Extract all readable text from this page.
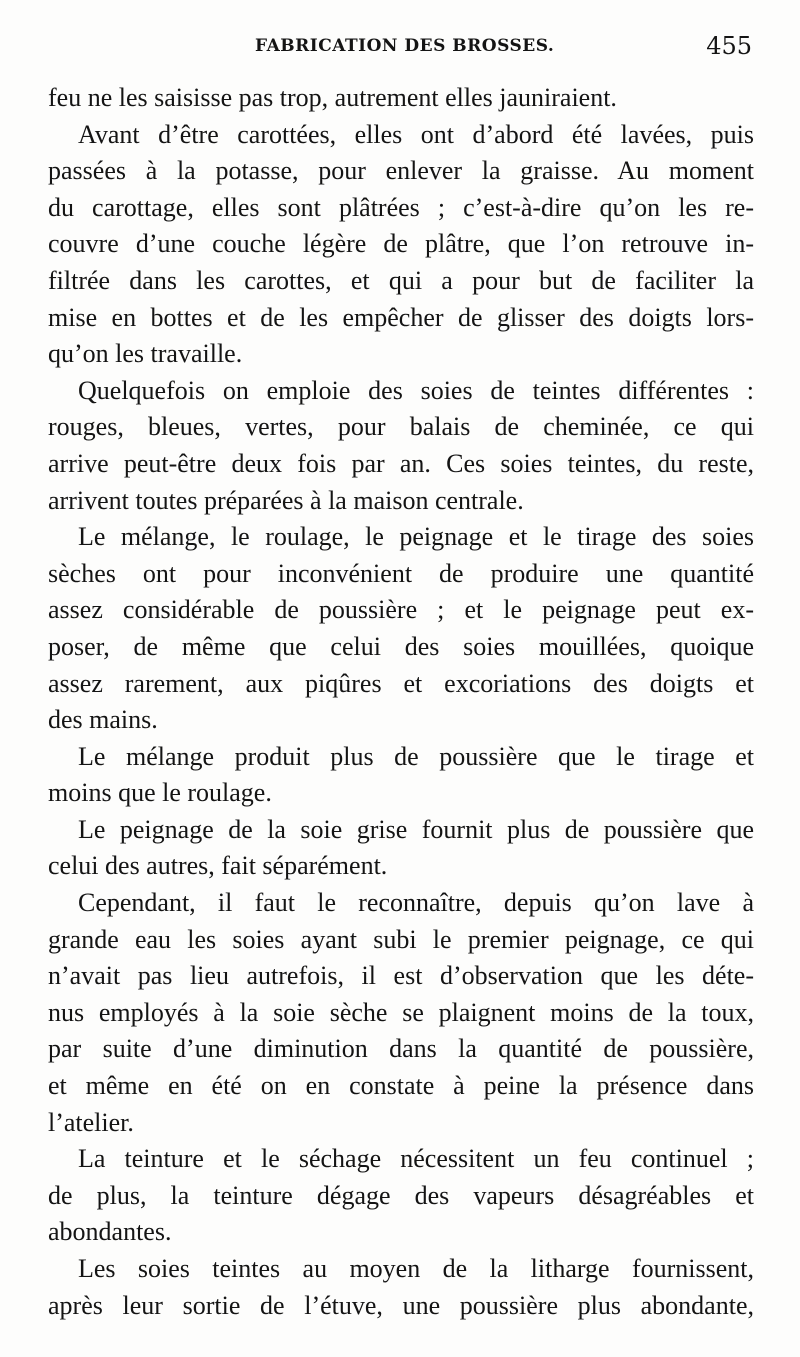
FABRICATION DES BROSSES.	455
feu ne les saisisse pas trop, autrement elles jauniraient.
Avant d’être carottées, elles ont d’abord été lavées, puis
passées à la potasse, pour enlever la graisse. Au moment
du carottage, elles sont plâtrées ; c’est-à-dire qu’on les re-
couvre d’une couche légère de plâtre, que l’on retrouve in-
filtrée dans les carottes, et qui a pour but de faciliter la
mise en bottes et de les empêcher de glisser des doigts lors-
qu’on les travaille.
Quelquefois on emploie des soies de teintes différentes :
rouges, bleues, vertes, pour balais de cheminée, ce qui
arrive peut-être deux fois par an. Ces soies teintes, du reste,
arrivent toutes préparées à la maison centrale.
Le mélange, le roulage, le peignage et le tirage des soies
sèches ont pour inconvénient de produire une quantité
assez considérable de poussière ; et le peignage peut ex-
poser, de même que celui des soies mouillées, quoique
assez rarement, aux piqûres et excoriations des doigts et
des mains.
Le mélange produit plus de poussière que le tirage et
moins que le roulage.
Le peignage de la soie grise fournit plus de poussière que
celui des autres, fait séparément.
Cependant, il faut le reconnaître, depuis qu’on lave à
grande eau les soies ayant subi le premier peignage, ce qui
n’avait pas lieu autrefois, il est d’observation que les déte-
nus employés à la soie sèche se plaignent moins de la toux,
par suite d’une diminution dans la quantité de poussière,
et même en été on en constate à peine la présence dans
l’atelier.
La teinture et le séchage nécessitent un feu continuel ;
de plus, la teinture dégage des vapeurs désagréables et
abondantes.
Les soies teintes au moyen de la litharge fournissent,
après leur sortie de l’étuve, une poussière plus abondante,
